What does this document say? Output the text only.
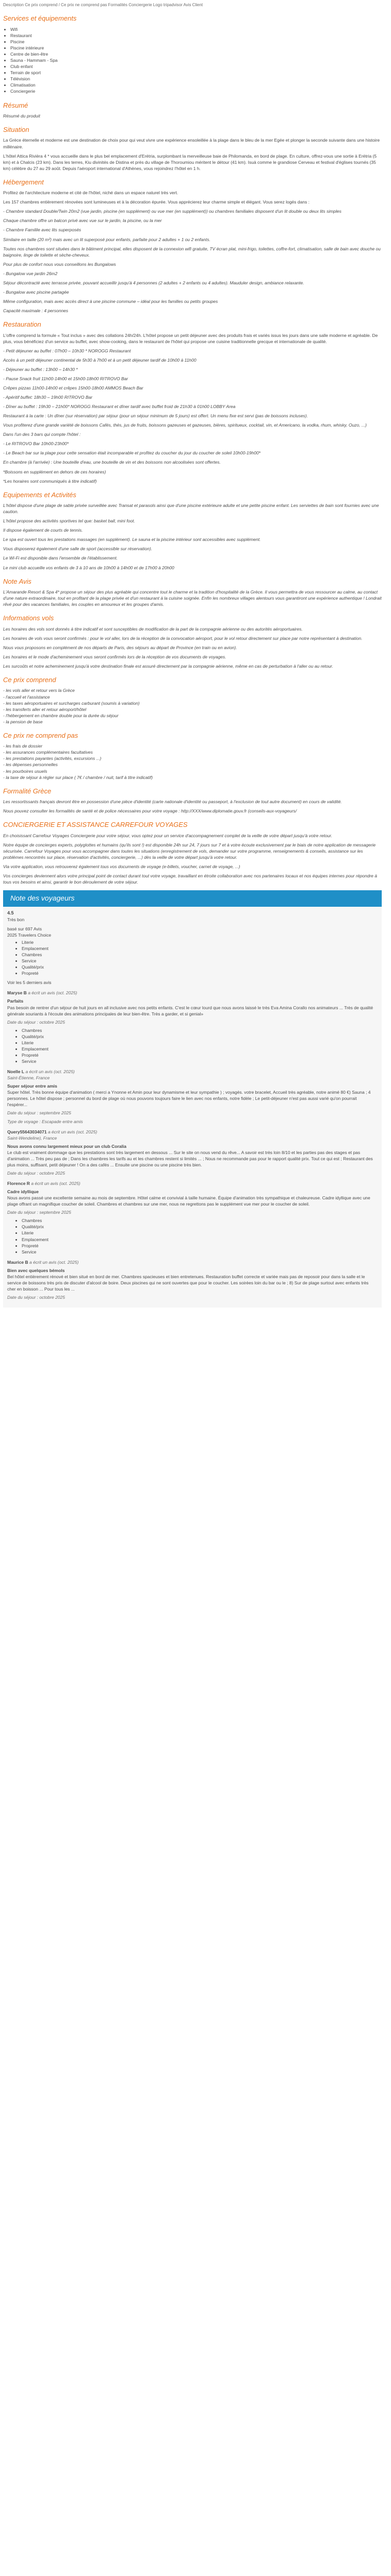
Description Ce prix comprend / Ce prix ne comprend pas Formalités Conciergerie Logo tripadvisor Avis Client
Services et équipements
• Wifi
• Restaurant
• Piscine
• Piscine intérieure
• Centre de bien-être
• Sauna - Hammam - Spa
• Club enfant
• Terrain de sport
• Télévision
• Climatisation
• Conciergerie
Résumé

Résumé du produit

Situation

La Grèce éternelle et moderne est une destination de choix pour qui veut vivre une expérience ensoleillée à la plage dans le bleu de la mer Egée et plonger la seconde suivante dans une histoire millénaire.

L'hôtel Attica Rivièra 4 * vous accueille dans le plus bel emplacement d'Erétria, surplombant la merveilleuse baie de Philomanda, en bord de plage. En culture, offrez-vous une sortie à Erétria (5 km) et à Chalcis (23 km). Dans les terres, Kiu divinités de Distina et près du village de Thoroumiou méritent le détour (41 km). Isuà comme le grandiose Cerveau et festival d'églises tournés (35 km) célèbre du 27 au 29 août. Depuis l'aéroport international d'Athènes, vous rejoindrez l'hôtel en 1 h.

Hébergement

Profitez de l'architecture moderne et cité de l'hôtel, niché dans un espace naturel très vert.

Les 157 chambres entièrement rénovées sont lumineuses et à la décoration épurée. Vous apprécierez leur charme simple et élégant. Vous serez logés dans :

- Chambre standard Double/Twin 20m2 (vue jardin, piscine (en supplément) ou vue mer (en supplément)) ou chambres familiales disposent d'un lit double ou deux lits simples

Chaque chambre offre un balcon privé avec vue sur le jardin, la piscine, ou la mer

- Chambre Familile avec lits superposés

Similaire en taille (20 m²) mais avec un lit superposé pour enfants, parfaite pour 2 adultes + 1 ou 2 enfants.

Toutes nos chambres sont situées dans le bâtiment principal, elles disposent de la connexion wifi gratuite, TV écran plat, mini-frigo, toilettes, coffre-fort, climatisation, salle de bain avec douche ou baignoire, linge de toilette et sèche-cheveux.

Pour plus de confort nous vous conseillons les Bungalows

- Bungalow vue jardin 26m2

Séjour décontracté avec terrasse privée, pouvant accueillir jusqu'à 4 personnes (2 adultes + 2 enfants ou 4 adultes). Mauduler design, ambiance relaxante.

- Bungalow avec piscine partagée

Même configuration, mais avec accès direct à une piscine commune – idéal pour les familles ou petits groupes

Capacité maximale : 4 personnes

Restauration

L'offre comprend la formule « Tout inclus » avec des collations 24h/24h. L'hôtel propose un petit déjeuner avec des produits frais et variés issus les jours dans une salle moderne et agréable. De plus, vous bénéficiez d'un service au buffet, avec show-cooking, dans le restaurant de l'hôtel qui propose une cuisine traditionnelle grecque et internationale de qualité.

- Petit déjeuner au buffet : 07h00 – 10h30 * NOROGG Restaurant

Accès à un petit déjeuner continental de 5h30 à 7h00 et à un petit déjeuner tardif de 10h00 à 11h00

- Déjeuner au buffet : 13h00 – 14h30 *

- Pause Snack fruit 11h00-14h00 et 15h00-18h00 RITROVO Bar

Crêpes pizzas 11h00-14h00 et crêpes 15h00-18h00 AMMOS Beach Bar

- Apéritif buffet: 18h30 – 19h00 RITROVO Bar

- Dîner au buffet : 19h30 – 21h00* NOROGG Restaurant et dîner tardif avec buffet froid de 21h30 à 01h00 LOBBY Area

Restaurant à la carte : Un dîner (sur réservation) par séjour (pour un séjour minimum de 5 jours) est offert. Un menu fixe est servi (pas de boissons incluses).

Vous profiterez d'une grande variété de boissons Cafés, thés, jus de fruits, boissons gazeuses et gazeuses, bières, spiritueux, cocktail, vin, et Americano, la vodka, rhum, whisky, Ouzo, ...)

Dans l'un des 3 bars qui compte l'hôtel :

- Le RITROVO Bar 10h00-23h00*

- Le Beach bar sur la plage pour cette sensation était incomparable et profitez du coucher du jour du coucher de soleil 10h00-19h00*

En chambre (à l'arrivée) : Une bouteille d'eau, une bouteille de vin et des boissons non alcoolisées sont offertes.

*Boissons en supplément en dehors de ces horaires)

*Les horaires sont communiqués à titre indicatif)

Equipements et Activités

L'hôtel dispose d'une plage de sable privée surveillée avec Transat et parasols ainsi que d'une piscine extérieure adulte et une petite piscine enfant. Les serviettes de bain sont fournies avec une caution.

L'hôtel propose des activités sportives tel que: basket ball, mini foot.

Il dispose également de courts de tennis.

Le spa est ouvert tous les prestations massages (en supplément). Le sauna et la piscine intérieur sont accessibles avec supplément.

Vous disposerez également d'une salle de sport (accessible sur réservation).

Le Wi-Fi est disponible dans l'ensemble de l'établissement.

Le mini club accueille vos enfants de 3 à 10 ans de 10h00 à 14h00 et de 17h00 à 20h00

Note Avis

L'Amarande Resort & Spa 4* propose un séjour des plus agréable qui concentre tout le charme et la tradition d'hospitalité de la Grèce. Il vous permettra de vous ressourcer au calme, au contact d'une nature extraordinaire, tout en profitant de la plage privée et d'un restaurant à la cuisine soignée. Enfin les nombreux villages alentours vous garantiront une expérience authentique ! Londrait rêvé pour des vacances familiales, les couples en amoureux et les groupes d'amis.

Informations vols

Les horaires des vols sont donnés à titre indicatif et sont susceptibles de modification de la part de la compagnie aérienne ou des autorités aéroportuaires.

Les horaires de vols vous seront confirmés : pour le vol aller, lors de la réception de la convocation aéroport, pour le vol retour directement sur place par notre représentant à destination.

Nous vous proposons en complément de nos départs de Paris, des séjours au départ de Province (en train ou en avion).

Les horaires et le mode d'acheminement vous seront confirmés lors de la réception de vos documents de voyages.

Les surcoûts et notre acheminement jusqu'à votre destination finale est assuré directement par la compagnie aérienne, même en cas de perturbation à l'aller ou au retour.

Ce prix comprend
- les vols aller et retour vers la Grèce
- l'accueil et l'assistance
- les taxes aéroportuaires et surcharges carburant (soumis à variation)
- les transferts aller et retour aéroport/hôtel
- l'hébergement en chambre double pour la durée du séjour
- la pension de base
Ce prix ne comprend pas
- les frais de dossier
- les assurances complémentaires facultatives
- les prestations payantes (activités, excursions ...)
- les dépenses personnelles
- les pourboires usuels
- la taxe de séjour à régler sur place ( 7€ / chambre / nuit, tarif à titre indicatif)
Formalité Grèce

Les ressortissants français devront être en possession d'une pièce d'identité (carte nationale d'identité ou passeport, à l'exclusion de tout autre document) en cours de validité.

Nous pouvez consulter les formalités de santé et de police nécessaires pour votre voyage : http://XXX/www.diplomatie.gouv.fr (conseils-aux-voyageurs/

CONCIERGERIE ET ASSISTANCE CARREFOUR VOYAGES

En choisissant Carrefour Voyages Conciergerie pour votre séjour, vous optez pour un service d'accompagnement complet de la veille de votre départ jusqu'à votre retour.

Notre équipe de concierges experts, polyglottes et humains (qu'ils sont !) est disponible 24h sur 24, 7 jours sur 7 et à votre écoute exclusivement par le biais de notre application de messagerie sécurisée. Carrefour Voyages pour vous accompagner dans toutes les situations (enregistrement de vols, demander sur votre programme, renseignements & conseils, assistance sur les problèmes rencontrés sur place, réservation d'activités, conciergerie, ...) dès la veille de votre départ jusqu'à votre retour.

Via votre application, vous retrouverez également tous vos documents de voyage (e-billets, voucher, carnet de voyage, ...)

Vos concierges deviennent alors votre principal point de contact durant tout votre voyage, travaillant en étroite collaboration avec nos partenaires locaux et nos équipes internes pour répondre à tous vos besoins et ainsi, garantir le bon déroulement de votre séjour.

Note des voyageurs
4.5
Très bon
basé sur 697 Avis
2025 Travelers Choice
• Literie
• Emplacement
• Chambres
• Service
• Qualité/prix
• Propreté
Voir les 5 derniers avis
Maryse B a écrit un avis (oct. 2025)
Parfaits
Pas besoin de rentrer d'un séjour de huit jours en all inclusive avec nos petits enfants. C'est le cœur lourd que nous avons laissé le très Eva Amina Corallo nos animateurs ... Très de qualité générale souriants à l'écoute des animations principales de leur bien-être. Très a garder, et si genial»
Date du séjour : octobre 2025
• Chambres
• Qualité/prix
• Literie
• Emplacement
• Propreté
• Service
Noelle L a écrit un avis (oct. 2025)
Saint-Étienne, France
Super séjour entre amis
Super hôtel. Très bonne équipe d'animation ( merci a Ynonne et Amin pour leur dynamisme et leur sympathie ) ; voyagés. votre bracelet, Accueil très agréable, notre animé 80 €) Sauna ; 4 personnes. Le hôtel dispose ; personnel du bord de plage où nous pouvons toujours faire le lien avec nos enfants, notre fidèle ; Le petit-déjeuner n'est pas aussi varié qu'on pourrait l'espérer...
Date du séjour : septembre 2025
Type de voyage : Escapade entre amis
Query55643034071 a écrit un avis (oct. 2025)
Saint-Wendeline), France
Nous avons connu largement mieux pour un club Coralia
Le club est vraiment dommage que les prestations sont très largement en dessous ... Sur le site on nous vend du rêve... A savoir est très loin 8/10 et les parties pas des stages et pas d'animation ... Très peu pas de ; Dans les chambres les tarifs au et les chambres restent si limités ... ; Nous ne recommande pas pour le rapport qualité prix. Tout ce qui est ; Restaurant des plus moins, suffisant, petit déjeuner ! On a des cafés ... Ensuite une piscine ou une piscine très bien.
Date du séjour : octobre 2025
Florence R a écrit un avis (oct. 2025)
Cadre idyllique
Nous avons passé une excellente semaine au mois de septembre. Hôtel calme et convivial à taille humaine. Équipe d'animation très sympathique et chaleureuse. Cadre idyllique avec une plage offrant un magnifique coucher de soleil. Chambres et chambres sur une mer, nous ne regrettons pas le supplément vue mer pour le coucher de soleil.
Date du séjour : septembre 2025
• Chambres
• Qualité/prix
• Literie
• Emplacement
• Propreté
• Service
Maurice B a écrit un avis (oct. 2025)
Bien avec quelques bémols
Bel hôtel entièrement rénové et bien situé en bord de mer. Chambres spacieuses et bien entretenues. Restauration buffet correcte et variée mais pas de reposoir pour dans la salle et le service de boissons très pris de discuter d'alcool de boire. Deux piscines qui ne sont ouvertes que pour le coucher. Les soirées loin du bar ou le ; 8) Sur de plage surtout avec enfants très cher en boisson ... Pour tous les ...
Date du séjour : octobre 2025
